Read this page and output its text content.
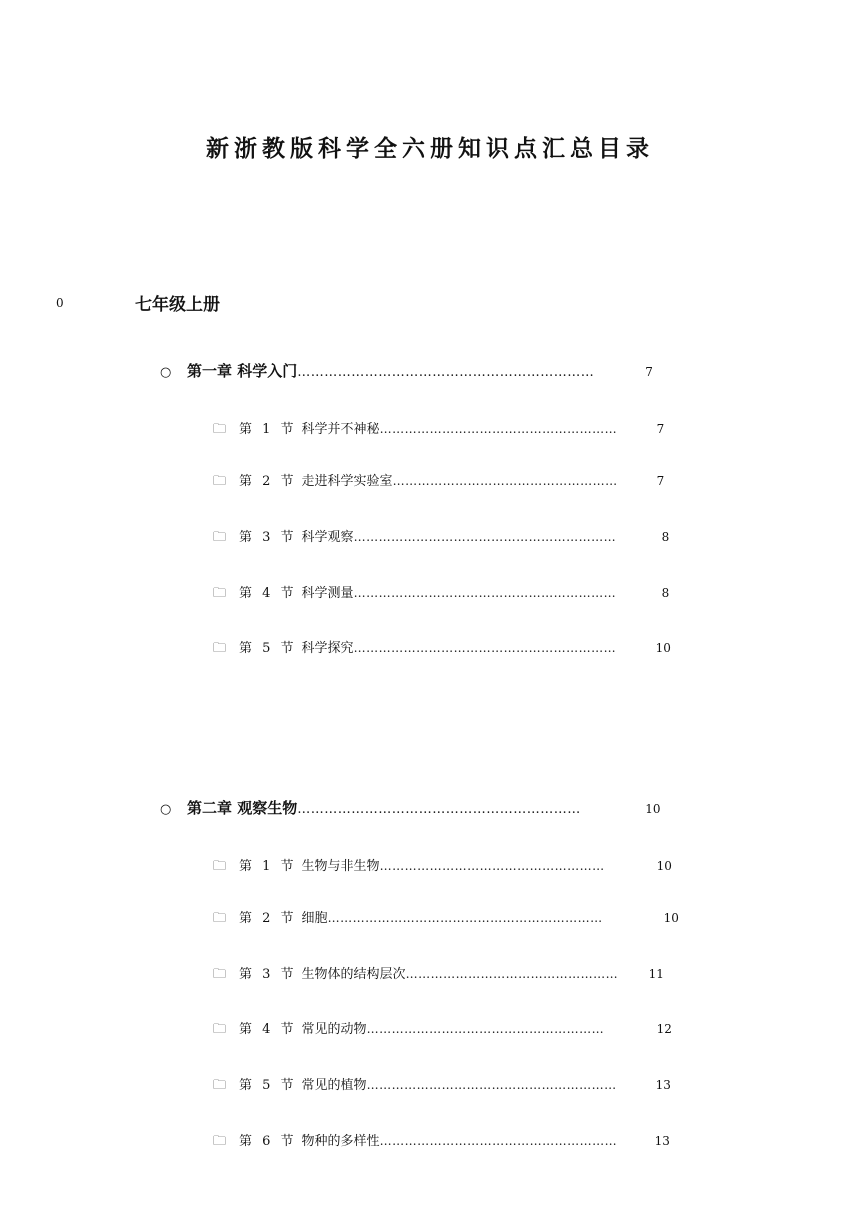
新浙教版科学全六册知识点汇总目录
0	七年级上册
○	第一章 科学入门 …………………………………………………………	7
🗀 第 1 节 科学并不神秘 …………………………………………………	7
🗀 第 2 节 走进科学实验室 ………………………………………………	7
🗀 第 3 节 科学观察 ………………………………………………………	8
🗀 第 4 节 科学测量 ………………………………………………………	8
🗀 第 5 节 科学探究 ………………………………………………………	10
○	第二章 观察生物 ………………………………………………………	10
🗀 第 1 节 生物与非生物 ………………………………………………	10
🗀 第 2 节 细胞 …………………………………………………………	10
🗀 第 3 节 生物体的结构层次 ……………………………………………	11
🗀 第 4 节 常见的动物 …………………………………………………	12
🗀 第 5 节 常见的植物 ……………………………………………………	13
🗀 第 6 节 物种的多样性 …………………………………………………	13
